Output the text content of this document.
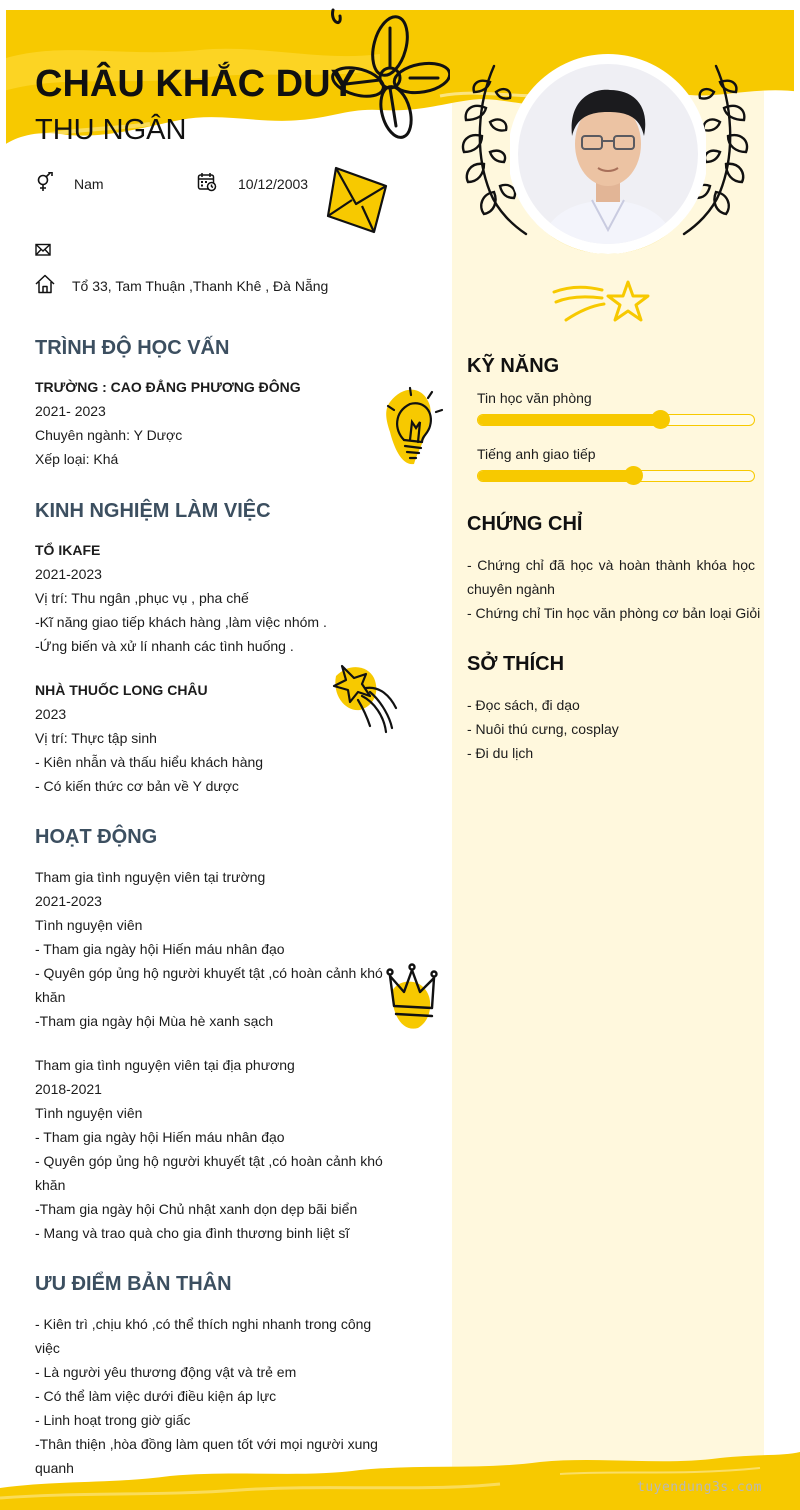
CHÂU KHẮC DUY
THU NGÂN
Nam	10/12/2003
Tổ 33, Tam Thuận ,Thanh Khê , Đà Nẵng
TRÌNH ĐỘ HỌC VẤN
TRƯỜNG : CAO ĐẲNG PHƯƠNG ĐÔNG
2021- 2023
Chuyên ngành: Y Dược
Xếp loại: Khá
KINH NGHIỆM LÀM VIỆC
TỔ IKAFE
2021-2023
Vị trí: Thu ngân ,phục vụ , pha chế
-Kĩ năng giao tiếp khách hàng ,làm việc nhóm .
-Ứng biến và xử lí nhanh các tình huống .
NHÀ THUỐC LONG CHÂU
2023
Vị trí: Thực tập sinh
- Kiên nhẫn và thấu hiểu khách hàng
- Có kiến thức cơ bản về Y dược
HOẠT ĐỘNG
Tham gia tình nguyện viên tại trường
2021-2023
Tình nguyện viên
- Tham gia ngày hội Hiến máu nhân đạo
- Quyên góp ủng hộ người khuyết tật ,có hoàn cảnh khó
khăn
-Tham gia ngày hội Mùa hè xanh sạch
Tham gia tình nguyện viên tại địa phương
2018-2021
Tình nguyện viên
- Tham gia ngày hội Hiến máu nhân đạo
- Quyên góp ủng hộ người khuyết tật ,có hoàn cảnh khó
khăn
-Tham gia ngày hội Chủ nhật xanh dọn dẹp bãi biển
- Mang và trao quà cho gia đình thương binh liệt sĩ
ƯU ĐIỂM BẢN THÂN
- Kiên trì ,chịu khó ,có thể thích nghi nhanh trong công
việc
- Là người yêu thương động vật và trẻ em
- Có thể làm việc dưới điều kiện áp lực
- Linh hoạt trong giờ giấc
-Thân thiện ,hòa đồng làm quen tốt với mọi người xung
quanh
KỸ NĂNG
Tin học văn phòng
Tiếng anh giao tiếp
CHỨNG CHỈ
- Chứng chỉ đã học và hoàn thành khóa học
chuyên ngành
- Chứng chỉ Tin học văn phòng cơ bản loại Giỏi
SỞ THÍCH
- Đọc sách, đi dạo
- Nuôi thú cưng, cosplay
- Đi du lịch
tuyendung3s.com
